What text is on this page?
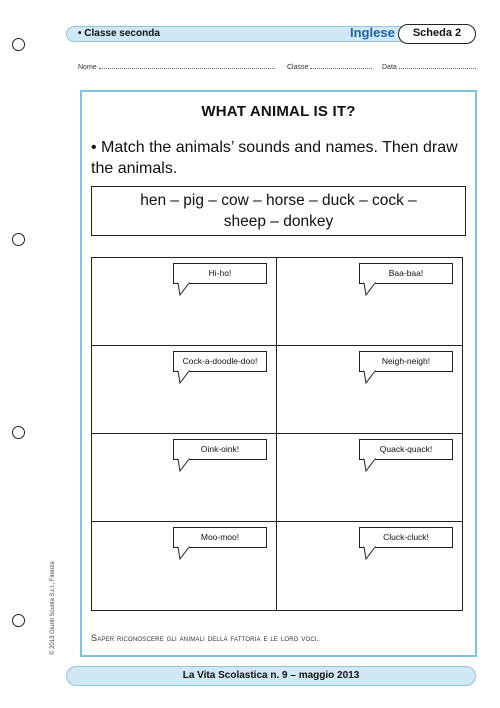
• Classe seconda	Inglese	Scheda 2
Nome	Classe	Data
WHAT ANIMAL IS IT?
• Match the animals’ sounds and names. Then draw the animals.
hen – pig – cow – horse – duck – cock –
sheep – donkey
Hi-ho!	Baa-baa!
Cock-a-doodle-doo!	Neigh-neigh!
Oink-oink!	Quack-quack!
Moo-moo!	Cluck-cluck!
Saper riconoscere gli animali della fattoria e le loro voci.
© 2013 Giunti Scuola S.r.l., Firenze
La Vita Scolastica n. 9 – maggio 2013
